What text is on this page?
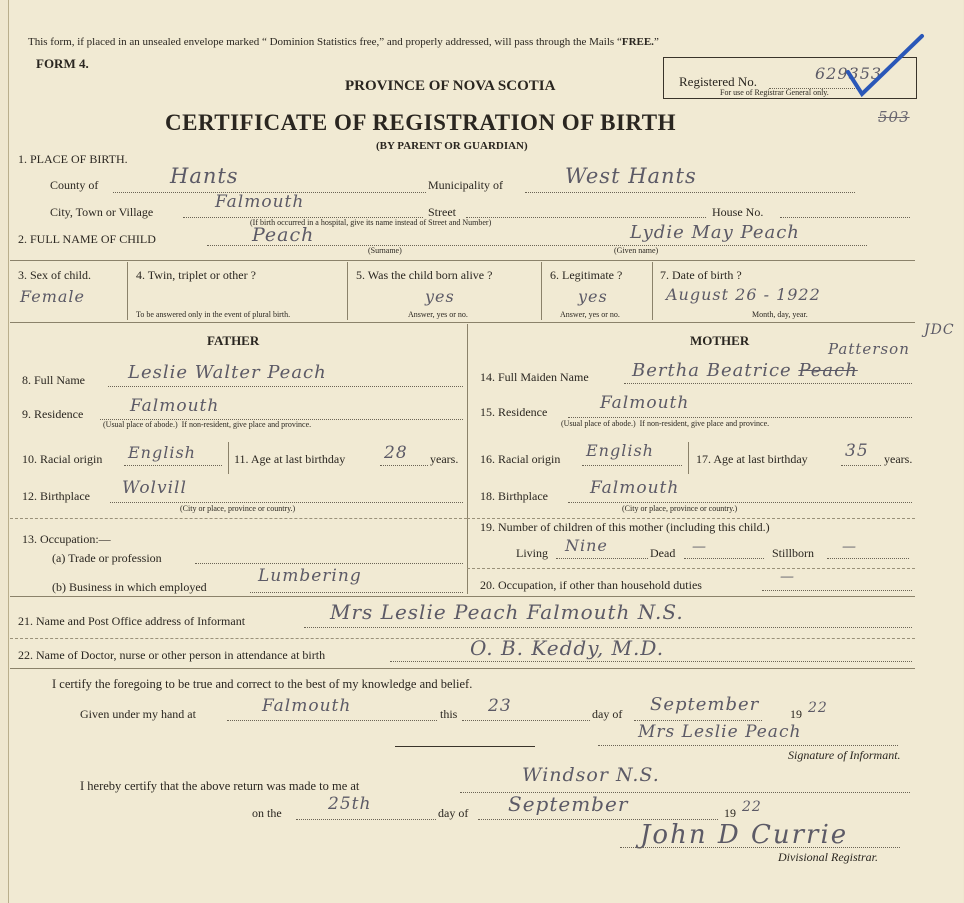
This form, if placed in an unsealed envelope marked “ Dominion Statistics free,” and properly addressed, will pass through the Mails “FREE.”
FORM 4.
PROVINCE OF NOVA SCOTIA	Registered No.	629353
For use of Registrar General only.
CERTIFICATE OF REGISTRATION OF BIRTH
(BY PARENT OR GUARDIAN)
503
1. PLACE OF BIRTH.
County of	Hants	Municipality of	West Hants
City, Town or Village	Falmouth	Street	House No.
(If birth occurred in a hospital, give its name instead of Street and Number)
2. FULL NAME OF CHILD	Peach
(Surname)
Lydie May Peach
(Given name)
3. Sex of child.
Female
4. Twin, triplet or other ?
To be answered only in the event of plural birth.
5. Was the child born alive ?
yes
Answer, yes or no.
6. Legitimate ?
yes
Answer, yes or no.
7. Date of birth ?
August 26 - 1922
Month, day, year.
FATHER
8. Full Name Leslie Walter Peach
9. Residence	Falmouth
(Usual place of abode.) If non-resident, give place and province.
10. Racial origin English	11. Age at last birthday 28 years.
12. Birthplace Wolvill
(City or place, province or country.)
13. Occupation:—
(a) Trade or profession
(b) Business in which employed
Lumbering
MOTHER	Patterson
JDC
14. Full Maiden Name Bertha Beatrice Peach
15. Residence	Falmouth
(Usual place of abode.) If non-resident, give place and province.
16. Racial origin English	17. Age at last birthday 35 years.
18. Birthplace Falmouth
(City or place, province or country.)
19. Number of children of this mother (including this child.)
Living Nine	Dead —	Stillborn —
20. Occupation, if other than household duties	—
21. Name and Post Office address of Informant	Mrs Leslie Peach Falmouth N.S.
22. Name of Doctor, nurse or other person in attendance at birth	O. B. Keddy, M.D.
I certify the foregoing to be true and correct to the best of my knowledge and belief.
Given under my hand at	Falmouth	this 23	day of September	19 22
Mrs Leslie Peach
Signature of Informant.
I hereby certify that the above return was made to me at	Windsor N.S.
on the	25th	day of September	19 22
John D Currie
Divisional Registrar.
